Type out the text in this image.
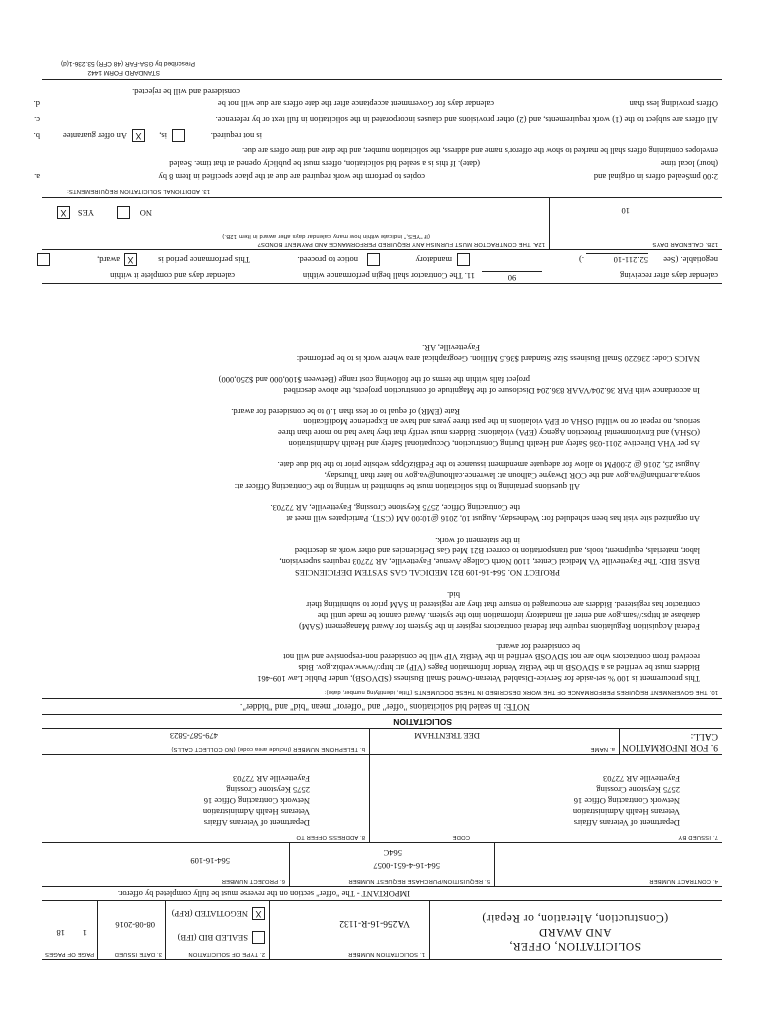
SOLICITATION, OFFER,
AND AWARD
(Construction, Alteration, or Repair)
1. SOLICITATION NUMBER
VA256-16-R-1132
2. TYPE OF SOLICITATION
SEALED BID (IFB)
X
NEGOTIATED (RFP)
3. DATE ISSUED
08-08-2016
PAGE OF PAGES
1
18
IMPORTANT - The "offer" section on the reverse must be fully completed by offeror.
4. CONTRACT NUMBER
5. REQUISITION/PURCHASE REQUEST NUMBER
564-16-4-651-0057
564C
6. PROJECT NUMBER
564-16-109
7. ISSUED BY
CODE
Department of Veterans Affairs
Veterans Health Administration
Network Contracting Office 16
2575 Keystone Crossing
Fayetteville AR 72703
8. ADDRESS OFFER TO
Department of Veterans Affairs
Veterans Health Administration
Network Contracting Office 16
2575 Keystone Crossing
Fayetteville AR 72703
9. FOR INFORMATION
CALL:
a. NAME
DEE TRENTHAM
b. TELEPHONE NUMBER (Include area code) (NO COLLECT CALLS)
479-587-5823
SOLICITATION
NOTE: In sealed bid solicitations "offer" and "offeror" mean "bid" and "bidder".
10. THE GOVERNMENT REQUIRES PERFORMANCE OF THE WORK DESCRIBED IN THESE DOCUMENTS (Title, identifying number, date):
This procurement is 100 % set-aside for Service-Disabled Veteran-Owned Small Business (SDVOSB), under Public Law 109-461
Bidders must be verified as a SDVOSB in the VetBiz Vendor Information Pages (VIP) at: http://www.vetbiz.gov. Bids
received from contractors who are not SDVOSB verified in the VetBiz VIP will be considered non-responsive and will not
be considered for award.
Federal Acquisition Regulations require that federal contractors register in the System for Award Management (SAM)
database at https://sam.gov and enter all mandatory information into the system. Award cannot be made until the
contractor has registered. Bidders are encouraged to ensure that they are registered in SAM prior to submitting their
bid.
PROJECT NO. 564-16-109 B21 MEDICAL GAS SYSTEM DEFICIENCIES
BASE BID: The Fayetteville VA Medical Center, 1100 North College Avenue, Fayetteville, AR 72703 requires supervision,
labor, materials, equipment, tools, and transportation to correct B21 Med Gas Deficiencies and other work as described
in the statement of work.
An organized site visit has been scheduled for: Wednesday, August 10, 2016 @10:00 AM (CST). Participates will meet at
the Contracting Office, 2575 Keystone Crossing, Fayetteville, AR 72703.
All questions pertaining to this solicitation must be submitted in writing to the Contracting Officer at:
sonya.a.renthan@va.gov and the COR Dwayne Calhoun at: lawrence.calhoun@va.gov no later than Thursday,
August 25, 2016 @ 2:00PM to allow for adequate amendment issuance to the FedBizOpps website prior to the bid due date.
As per VHA Directive 2011-036 Safety and Health During Construction, Occupational Safety and Health Administration
(OSHA) and Environmental Protection Agency (EPA) violations: Bidders must verify that they have had no more than three
serious, no repeat or no willful OSHA or EPA violations in the past three years and have an Experience Modification
Rate (EMR) of equal to or less than 1.0 to be considered for award.
In accordance with FAR 36.204/VAAR 836.204 Disclosure of the Magnitude of construction projects, the above described
project falls within the terms of the following cost range (Between $100,000 and $250,000)
NAICS Code: 236220 Small Business Size Standard $36.5 Million. Geographical area where work is to be performed:
Fayetteville, AR.
calendar days after receiving
90
11. The Contractor shall begin performance within
calendar days and complete it within
negotiable. (See
52.211-10
.)
mandatory
This performance period is	notice to proceed.
X
award,
12B. CALENDAR DAYS
10
12A. THE CONTRACTOR MUST FURNISH ANY REQUIRED PERFORMANCE AND PAYMENT BONDS?
(If "YES," indicate within how many calendar days after award in Item 12B.)
NO
X	YES
13. ADDITIONAL SOLICITATION REQUIREMENTS:
2:00 pm
Sealed offers in original and
copies to perform the work required are due at the place specified in Item 8 by
a.
(hour) local time
(date). If this is a sealed bid solicitation, offers must be publicly opened at that time. Sealed
envelopes containing offers shall be marked to show the offeror's name and address, the solicitation number, and the date and time offers are due.
is not required.
is,
X
An offer guarantee
b.
All offers are subject to the (1) work requirements, and (2) other provisions and clauses incorporated in the solicitation in full text or by reference.
c.
Offers providing less than
calendar days for Government acceptance after the date offers are due will not be
d.
considered and will be rejected.
STANDARD FORM 1442
Prescribed by GSA-FAR (48 CFR) 53.236-1(d)
